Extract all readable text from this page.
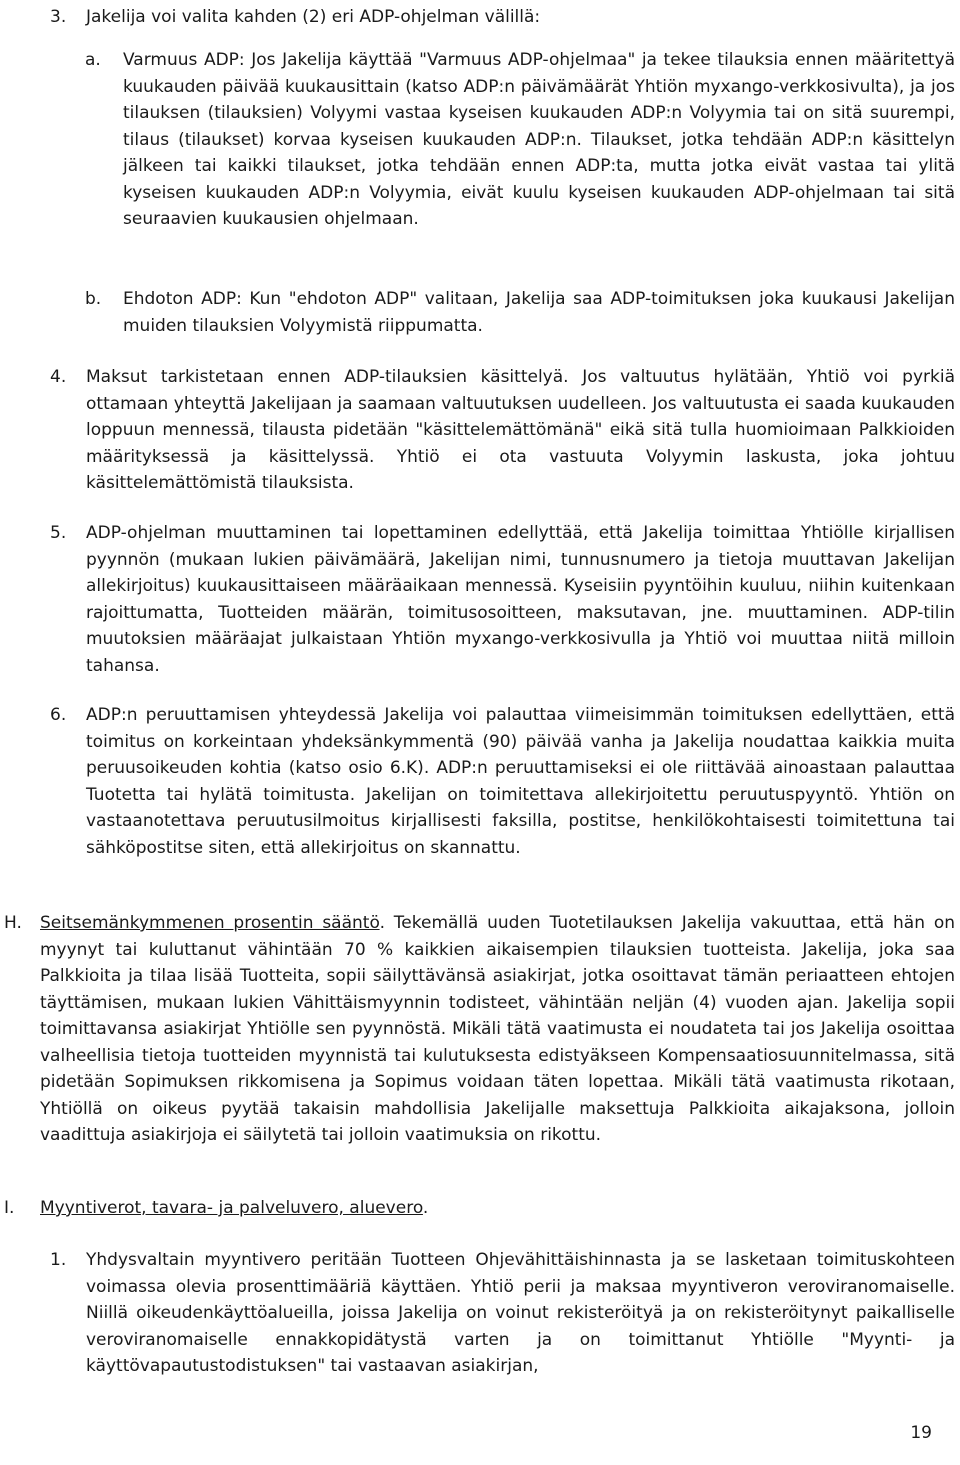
3. Jakelija voi valita kahden (2) eri ADP-ohjelman välillä:
a. Varmuus ADP: Jos Jakelija käyttää "Varmuus ADP-ohjelmaa" ja tekee tilauksia ennen määritettyä kuukauden päivää kuukausittain (katso ADP:n päivämäärät Yhtiön myxango-verkkosivulta), ja jos tilauksen (tilauksien) Volyymi vastaa kyseisen kuukauden ADP:n Volyymia tai on sitä suurempi, tilaus (tilaukset) korvaa kyseisen kuukauden ADP:n. Tilaukset, jotka tehdään ADP:n käsittelyn jälkeen tai kaikki tilaukset, jotka tehdään ennen ADP:ta, mutta jotka eivät vastaa tai ylitä kyseisen kuukauden ADP:n Volyymia, eivät kuulu kyseisen kuukauden ADP-ohjelmaan tai sitä seuraavien kuukausien ohjelmaan.
b. Ehdoton ADP: Kun "ehdoton ADP" valitaan, Jakelija saa ADP-toimituksen joka kuukausi Jakelijan muiden tilauksien Volyymistä riippumatta.
4. Maksut tarkistetaan ennen ADP-tilauksien käsittelyä. Jos valtuutus hylätään, Yhtiö voi pyrkiä ottamaan yhteyttä Jakelijaan ja saamaan valtuutuksen uudelleen. Jos valtuutusta ei saada kuukauden loppuun mennessä, tilausta pidetään "käsittelemättömänä" eikä sitä tulla huomioimaan Palkkioiden määrityksessä ja käsittelyssä. Yhtiö ei ota vastuuta Volyymin laskusta, joka johtuu käsittelemättömistä tilauksista.
5. ADP-ohjelman muuttaminen tai lopettaminen edellyttää, että Jakelija toimittaa Yhtiölle kirjallisen pyynnön (mukaan lukien päivämäärä, Jakelijan nimi, tunnusnumero ja tietoja muuttavan Jakelijan allekirjoitus) kuukausittaiseen määräaikaan mennessä. Kyseisiin pyyntöihin kuuluu, niihin kuitenkaan rajoittumatta, Tuotteiden määrän, toimitusosoitteen, maksutavan, jne. muuttaminen. ADP-tilin muutoksien määräajat julkaistaan Yhtiön myxango-verkkosivulla ja Yhtiö voi muuttaa niitä milloin tahansa.
6. ADP:n peruuttamisen yhteydessä Jakelija voi palauttaa viimeisimmän toimituksen edellyttäen, että toimitus on korkeintaan yhdeksänkymmentä (90) päivää vanha ja Jakelija noudattaa kaikkia muita peruusoikeuden kohtia (katso osio 6.K). ADP:n peruuttamiseksi ei ole riittävää ainoastaan palauttaa Tuotetta tai hylätä toimitusta. Jakelijan on toimitettava allekirjoitettu peruutuspyyntö. Yhtiön on vastaanotettava peruutusilmoitus kirjallisesti faksilla, postitse, henkilökohtaisesti toimitettuna tai sähköpostitse siten, että allekirjoitus on skannattu.
H. Seitsemänkymmenen prosentin sääntö. Tekemällä uuden Tuotetilauksen Jakelija vakuuttaa, että hän on myynyt tai kuluttanut vähintään 70 % kaikkien aikaisempien tilauksien tuotteista. Jakelija, joka saa Palkkioita ja tilaa lisää Tuotteita, sopii säilyttävänsä asiakirjat, jotka osoittavat tämän periaatteen ehtojen täyttämisen, mukaan lukien Vähittäismyynnin todisteet, vähintään neljän (4) vuoden ajan. Jakelija sopii toimittavansa asiakirjat Yhtiölle sen pyynnöstä. Mikäli tätä vaatimusta ei noudateta tai jos Jakelija osoittaa valheellisia tietoja tuotteiden myynnistä tai kulutuksesta edistyäkseen Kompensaatiosuunnitelmassa, sitä pidetään Sopimuksen rikkomisena ja Sopimus voidaan täten lopettaa. Mikäli tätä vaatimusta rikotaan, Yhtiöllä on oikeus pyytää takaisin mahdollisia Jakelijalle maksettuja Palkkioita aikajaksona, jolloin vaadittuja asiakirjoja ei säilytetä tai jolloin vaatimuksia on rikottu.
I. Myyntiverot, tavara- ja palveluvero, aluevero.
1. Yhdysvaltain myyntivero peritään Tuotteen Ohjevähittäishinnasta ja se lasketaan toimituskohteen voimassa olevia prosenttimääriä käyttäen. Yhtiö perii ja maksaa myyntiveron veroviranomaiselle. Niillä oikeudenkäyttöalueilla, joissa Jakelija on voinut rekisteröityä ja on rekisteröitynyt paikalliselle veroviranomaiselle ennakkopidätystä varten ja on toimittanut Yhtiölle "Myynti- ja käyttövapautustodistuksen" tai vastaavan asiakirjan,
19
